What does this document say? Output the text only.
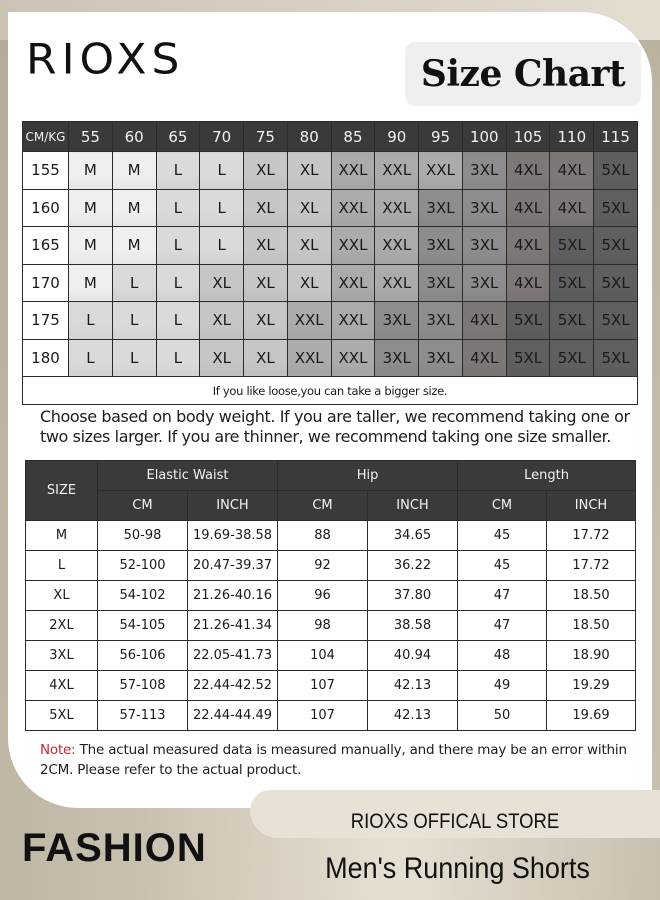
RIOXS	Size Chart
CM/KG	55	60	65	70	75	80	85	90	95	100	105	110	115
155	M	M	L	L	XL	XL	XXL	XXL	XXL	3XL	4XL	4XL	5XL
160	M	M	L	L	XL	XL	XXL	XXL	3XL	3XL	4XL	4XL	5XL
165	M	M	L	L	XL	XL	XXL	XXL	3XL	3XL	4XL	5XL	5XL
170	M	L	L	XL	XL	XL	XXL	XXL	3XL	3XL	4XL	5XL	5XL
175	L	L	L	XL	XL	XXL	XXL	3XL	3XL	4XL	5XL	5XL	5XL
180	L	L	L	XL	XL	XXL	XXL	3XL	3XL	4XL	5XL	5XL	5XL
If you like loose,you can take a bigger size.													
Choose based on body weight. If you are taller, we recommend taking one or two sizes larger. If you are thinner, we recommend taking one size smaller.
SIZE	Elastic Waist		Hip		Length	
	CM	INCH	CM	INCH	CM	INCH
M	50-98	19.69-38.58	88	34.65	45	17.72
L	52-100	20.47-39.37	92	36.22	45	17.72
XL	54-102	21.26-40.16	96	37.80	47	18.50
2XL	54-105	21.26-41.34	98	38.58	47	18.50
3XL	56-106	22.05-41.73	104	40.94	48	18.90
4XL	57-108	22.44-42.52	107	42.13	49	19.29
5XL	57-113	22.44-44.49	107	42.13	50	19.69
Note: The actual measured data is measured manually, and there may be an error within 2CM. Please refer to the actual product.
FASHION
RIOXS OFFICAL STORE
Men's Running Shorts
